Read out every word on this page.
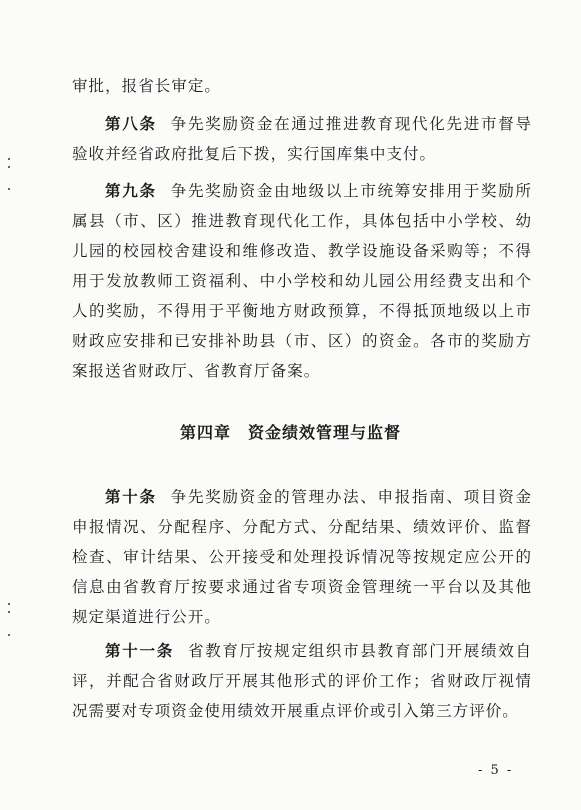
审批，报省长审定。

第八条 争先奖励资金在通过推进教育现代化先进市督导验收并经省政府批复后下拨，实行国库集中支付。

第九条 争先奖励资金由地级以上市统筹安排用于奖励所属县（市、区）推进教育现代化工作，具体包括中小学校、幼儿园的校园校舍建设和维修改造、教学设施设备采购等；不得用于发放教师工资福利、中小学校和幼儿园公用经费支出和个人的奖励，不得用于平衡地方财政预算，不得抵顶地级以上市财政应安排和已安排补助县（市、区）的资金。各市的奖励方案报送省财政厅、省教育厅备案。

第四章　资金绩效管理与监督

第十条 争先奖励资金的管理办法、申报指南、项目资金申报情况、分配程序、分配方式、分配结果、绩效评价、监督检查、审计结果、公开接受和处理投诉情况等按规定应公开的信息由省教育厅按要求通过省专项资金管理统一平台以及其他规定渠道进行公开。

第十一条 省教育厅按规定组织市县教育部门开展绩效自评，并配合省财政厅开展其他形式的评价工作；省财政厅视情况需要对专项资金使用绩效开展重点评价或引入第三方评价。

- 5 -
